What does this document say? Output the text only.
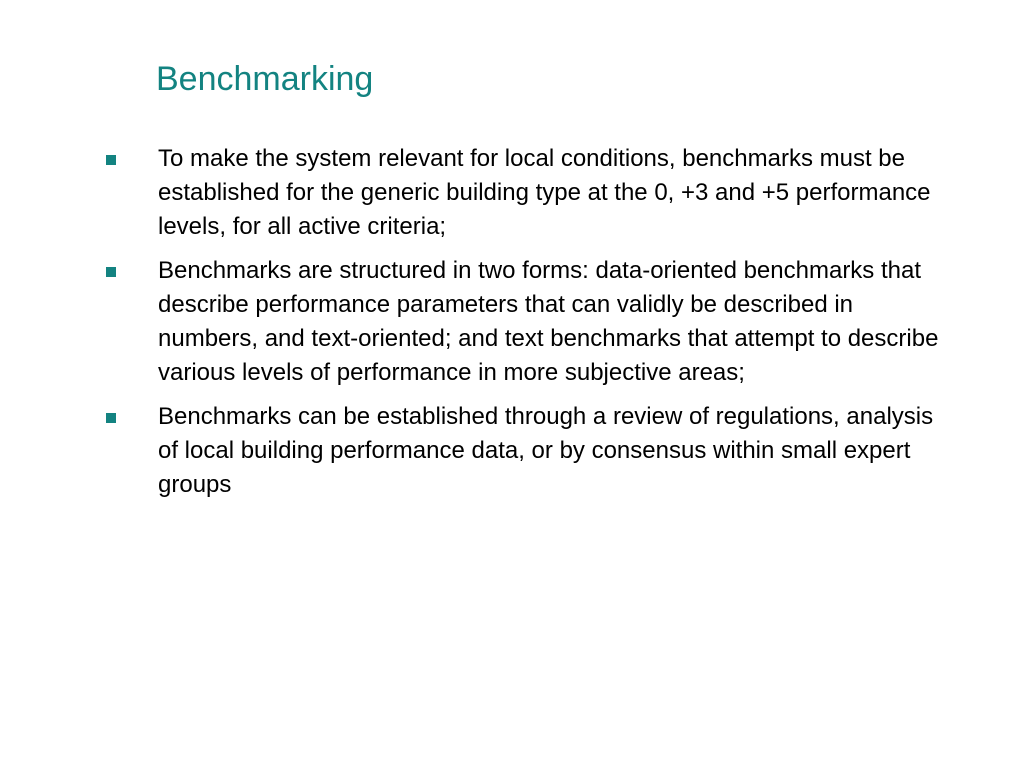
Benchmarking
To make the system relevant for local conditions, benchmarks must be established for the generic building type at the 0, +3 and +5 performance levels, for all active criteria;
Benchmarks are structured in two forms: data-oriented benchmarks that describe performance parameters that can validly be described in numbers, and text-oriented; and text benchmarks that attempt to describe various levels of performance in more subjective areas;
Benchmarks can be established through a review of regulations, analysis of local building performance data, or by consensus within small expert groups
